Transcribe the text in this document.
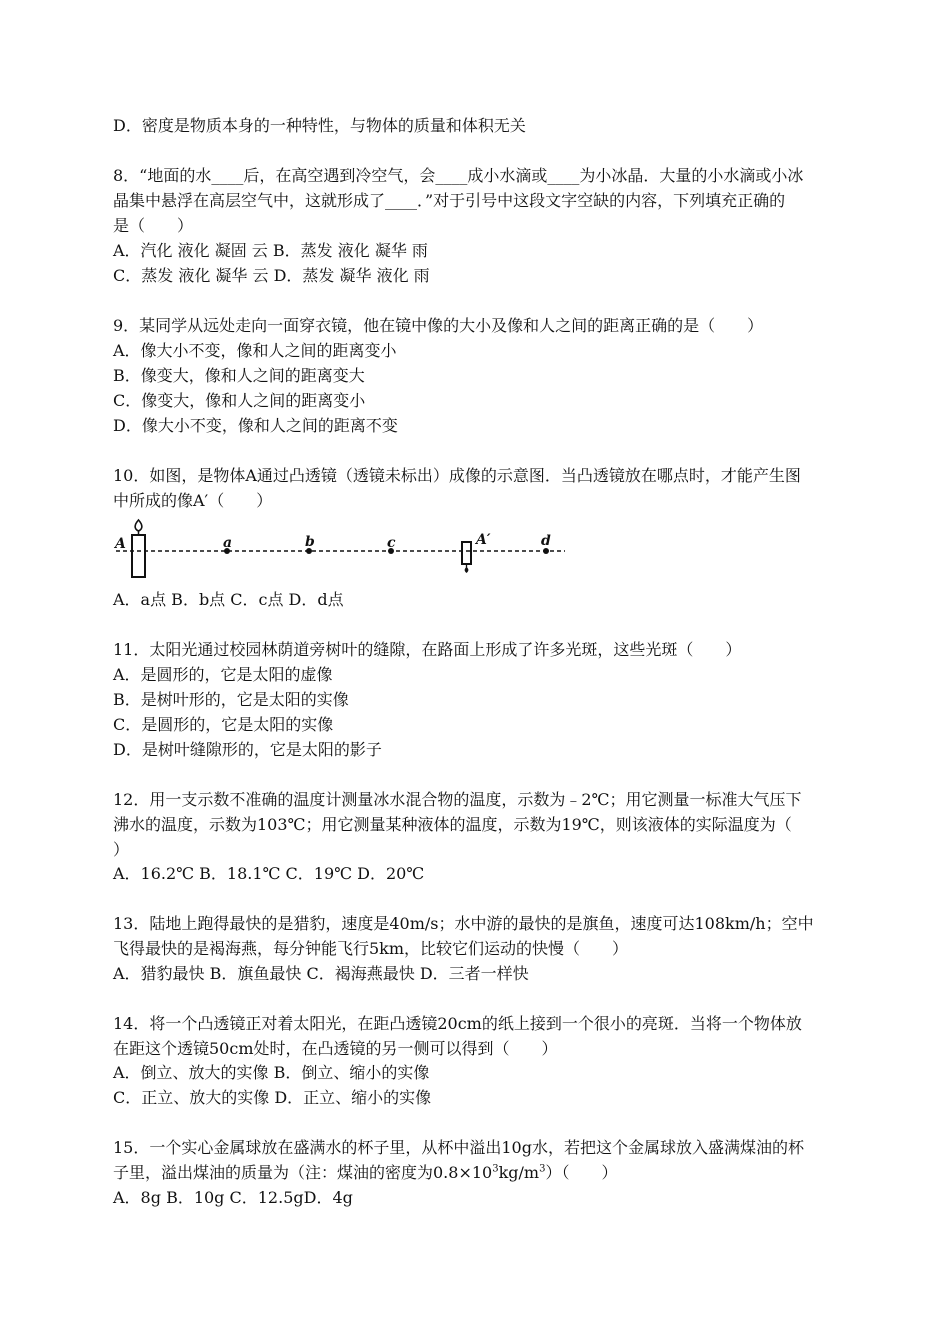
D．密度是物质本身的一种特性，与物体的质量和体积无关
8．“地面的水____后，在高空遇到冷空气，会____成小水滴或____为小冰晶．大量的小水滴或小冰
晶集中悬浮在高层空气中，这就形成了____．”对于引号中这段文字空缺的内容，下列填充正确的
是（　　）
A．汽化 液化 凝固 云 B．蒸发 液化 凝华 雨
C．蒸发 液化 凝华 云 D．蒸发 凝华 液化 雨
9．某同学从远处走向一面穿衣镜，他在镜中像的大小及像和人之间的距离正确的是（　　）
A．像大小不变，像和人之间的距离变小
B．像变大，像和人之间的距离变大
C．像变大，像和人之间的距离变小
D．像大小不变，像和人之间的距离不变
10．如图，是物体A通过凸透镜（透镜未标出）成像的示意图．当凸透镜放在哪点时，才能产生图
中所成的像A′（　　）
A	a	b	c	A′	d
A．a点 B．b点 C．c点 D．d点
11．太阳光通过校园林荫道旁树叶的缝隙，在路面上形成了许多光斑，这些光斑（　　）
A．是圆形的，它是太阳的虚像
B．是树叶形的，它是太阳的实像
C．是圆形的，它是太阳的实像
D．是树叶缝隙形的，它是太阳的影子
12．用一支示数不准确的温度计测量冰水混合物的温度，示数为﹣2℃；用它测量一标准大气压下
沸水的温度，示数为103℃；用它测量某种液体的温度，示数为19℃，则该液体的实际温度为（
）
A．16.2℃ B．18.1℃ C．19℃ D．20℃
13．陆地上跑得最快的是猎豹，速度是40m/s；水中游的最快的是旗鱼，速度可达108km/h；空中
飞得最快的是褐海燕，每分钟能飞行5km，比较它们运动的快慢（　　）
A．猎豹最快 B．旗鱼最快 C．褐海燕最快 D．三者一样快
14．将一个凸透镜正对着太阳光，在距凸透镜20cm的纸上接到一个很小的亮斑．当将一个物体放
在距这个透镜50cm处时，在凸透镜的另一侧可以得到（　　）
A．倒立、放大的实像 B．倒立、缩小的实像
C．正立、放大的实像 D．正立、缩小的实像
15．一个实心金属球放在盛满水的杯子里，从杯中溢出10g水，若把这个金属球放入盛满煤油的杯
子里，溢出煤油的质量为（注：煤油的密度为$0.8\times 10^3kg/m^3$）（　　）
A．8g B．10g C．12.5gD．4g
